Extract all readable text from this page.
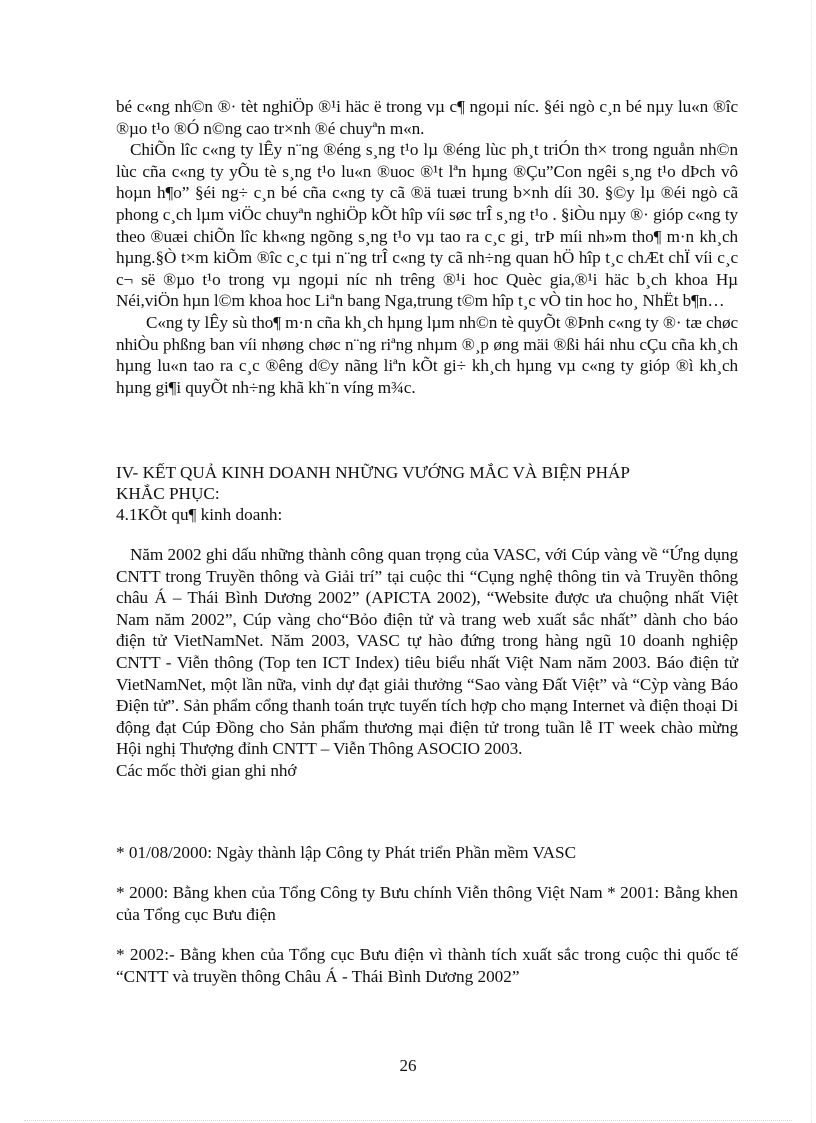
bé c«ng nh©n ®· tèt nghiÖp ®¹i häc ë trong vµ c¶ ngoµi níc. §éi ngò c¸n bé nµy lu«n ®îc ®µo t¹o ®Ó n©ng cao tr×nh ®é chuyªn m«n.

ChiÕn lîc c«ng ty lÊy n¨ng ®éng s¸ng t¹o lµ ®éng lùc ph¸t triÓn th× trong nguån nh©n lùc cña c«ng ty yÕu tè s¸ng t¹o lu«n ®uoc ®¹t lªn hµng ®Çu”Con ngêi s¸ng t¹o dÞch vô hoµn h¶o” §éi ng÷ c¸n bé cña c«ng ty cã ®ä tuæi trung b×nh díi 30. §©y lµ ®éi ngò cã phong c¸ch lµm viÖc chuyªn nghiÖp kÕt hîp víi søc trÎ s¸ng t¹o . §iÒu nµy ®· gióp c«ng ty theo ®uæi chiÕn lîc kh«ng ngõng s¸ng t¹o vµ tao ra c¸c gi¸ trÞ míi nh»m tho¶ m·n kh¸ch hµng.§Ò t×m kiÕm ®îc c¸c tµi n¨ng trÎ c«ng ty cã nh÷ng quan hÖ hîp t¸c chÆt chÏ víi c¸c c¬ së ®µo t¹o trong vµ ngoµi níc nh trêng ®¹i hoc Quèc gia,®¹i häc b¸ch khoa Hµ Néi,viÖn hµn l©m khoa hoc Liªn bang Nga,trung t©m hîp t¸c vÒ tin hoc ho¸ NhËt b¶n…

C«ng ty lÊy sù tho¶ m·n cña kh¸ch hµng lµm nh©n tè quyÕt ®Þnh c«ng ty ®· tæ chøc nhiÒu phßng ban víi nhøng chøc n¨ng riªng nhµm ®¸p øng mäi ®ßi hái nhu cÇu cña kh¸ch hµng lu«n tao ra c¸c ®êng d©y nãng liªn kÕt gi÷ kh¸ch hµng vµ c«ng ty gióp ®ì kh¸ch hµng gi¶i quyÕt nh÷ng khã kh¨n víng m¾c.

IV- KẾT QUẢ KINH DOANH NHỮNG VƯỚNG MẮC VÀ BIỆN PHÁP
KHẮC PHỤC:
4.1KÕt qu¶ kinh doanh:

Năm 2002 ghi dấu những thành công quan trọng của VASC, với Cúp vàng về “Ứng dụng CNTT trong Truyền thông và Giải trí” tại cuộc thi “Cụng nghệ thông tin và Truyền thông châu Á – Thái Bình Dương 2002” (APICTA 2002), “Website được ưa chuộng nhất Việt Nam năm 2002”, Cúp vàng cho“Bỏo điện tử và trang web xuất sắc nhất” dành cho báo điện tử VietNamNet. Năm 2003, VASC tự hào đứng trong hàng ngũ 10 doanh nghiệp CNTT - Viễn thông (Top ten ICT Index) tiêu biểu nhất Việt Nam năm 2003. Báo điện tử VietNamNet, một lần nữa, vinh dự đạt giải thưởng “Sao vàng Đất Việt” và “Cỳp vàng Báo Điện tử”. Sản phẩm cổng thanh toán trực tuyến tích hợp cho mạng Internet và điện thoại Di động đạt Cúp Đồng cho Sản phẩm thương mại điện tử trong tuần lễ IT week chào mừng Hội nghị Thượng đỉnh CNTT – Viễn Thông ASOCIO 2003.

Các mốc thời gian ghi nhớ

* 01/08/2000: Ngày thành lập Công ty Phát triển Phần mềm VASC
* 2000: Bằng khen của Tổng Công ty Bưu chính Viễn thông Việt Nam * 2001: Bằng khen của Tổng cục Bưu điện
* 2002:- Bằng khen của Tổng cục Bưu điện vì thành tích xuất sắc trong cuộc thi quốc tế “CNTT và truyền thông Châu Á - Thái Bình Dương 2002”
26
